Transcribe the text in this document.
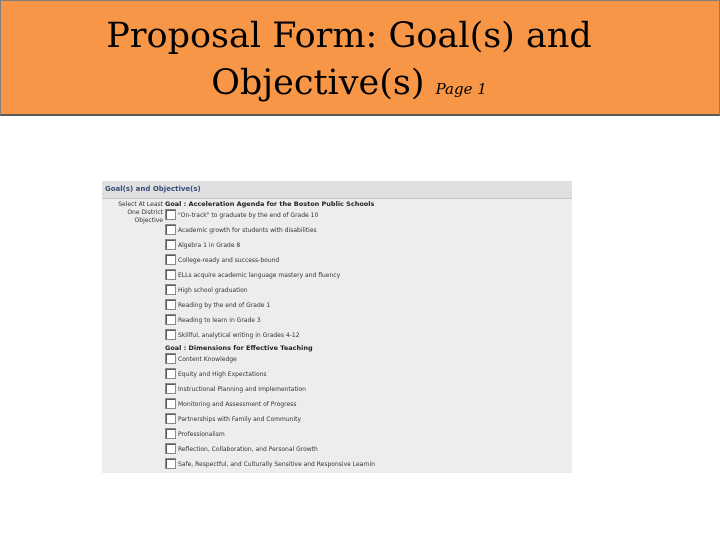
Proposal Form: Goal(s) and
Objective(s) Page 1
Goal(s) and Objective(s)
Select At Least
One District
Objective
Goal : Acceleration Agenda for the Boston Public Schools
"On-track" to graduate by the end of Grade 10
Academic growth for students with disabilities
Algebra 1 in Grade 8
College-ready and success-bound
ELLs acquire academic language mastery and fluency
High school graduation
Reading by the end of Grade 1
Reading to learn in Grade 3
Skillful, analytical writing in Grades 4-12
Goal : Dimensions for Effective Teaching
Content Knowledge
Equity and High Expectations
Instructional Planning and Implementation
Monitoring and Assessment of Progress
Partnerships with Family and Community
Professionalism
Reflection, Collaboration, and Personal Growth
Safe, Respectful, and Culturally Sensitive and Responsive Learnin
